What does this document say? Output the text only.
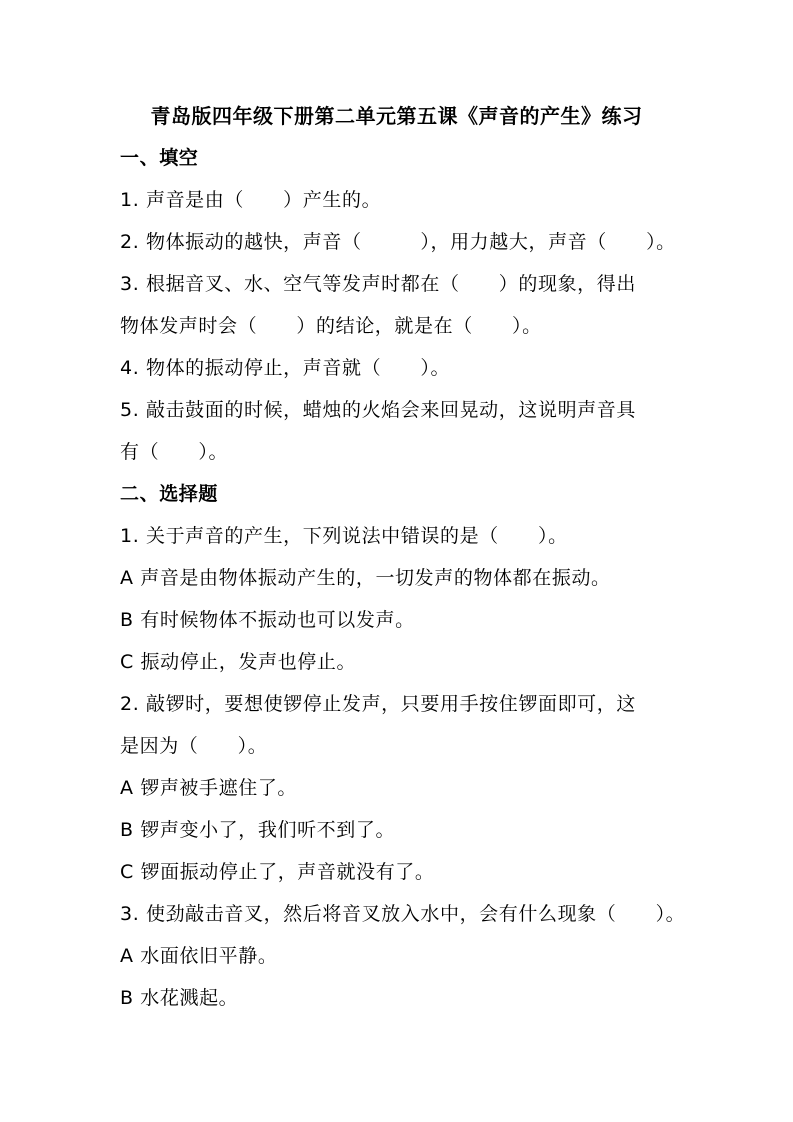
青岛版四年级下册第二单元第五课《声音的产生》练习
一、填空
1. 声音是由（　　）产生的。
2. 物体振动的越快，声音（　　　），用力越大，声音（　　）。
3. 根据音叉、水、空气等发声时都在（　　）的现象，得出
物体发声时会（　　）的结论，就是在（　　）。
4. 物体的振动停止，声音就（　　）。
5. 敲击鼓面的时候，蜡烛的火焰会来回晃动，这说明声音具
有（　　）。
二、选择题
1. 关于声音的产生，下列说法中错误的是（　　）。
A 声音是由物体振动产生的，一切发声的物体都在振动。
B 有时候物体不振动也可以发声。
C 振动停止，发声也停止。
2. 敲锣时，要想使锣停止发声，只要用手按住锣面即可，这
是因为（　　）。
A 锣声被手遮住了。
B 锣声变小了，我们听不到了。
C 锣面振动停止了，声音就没有了。
3. 使劲敲击音叉，然后将音叉放入水中，会有什么现象（　　）。
A 水面依旧平静。
B 水花溅起。
